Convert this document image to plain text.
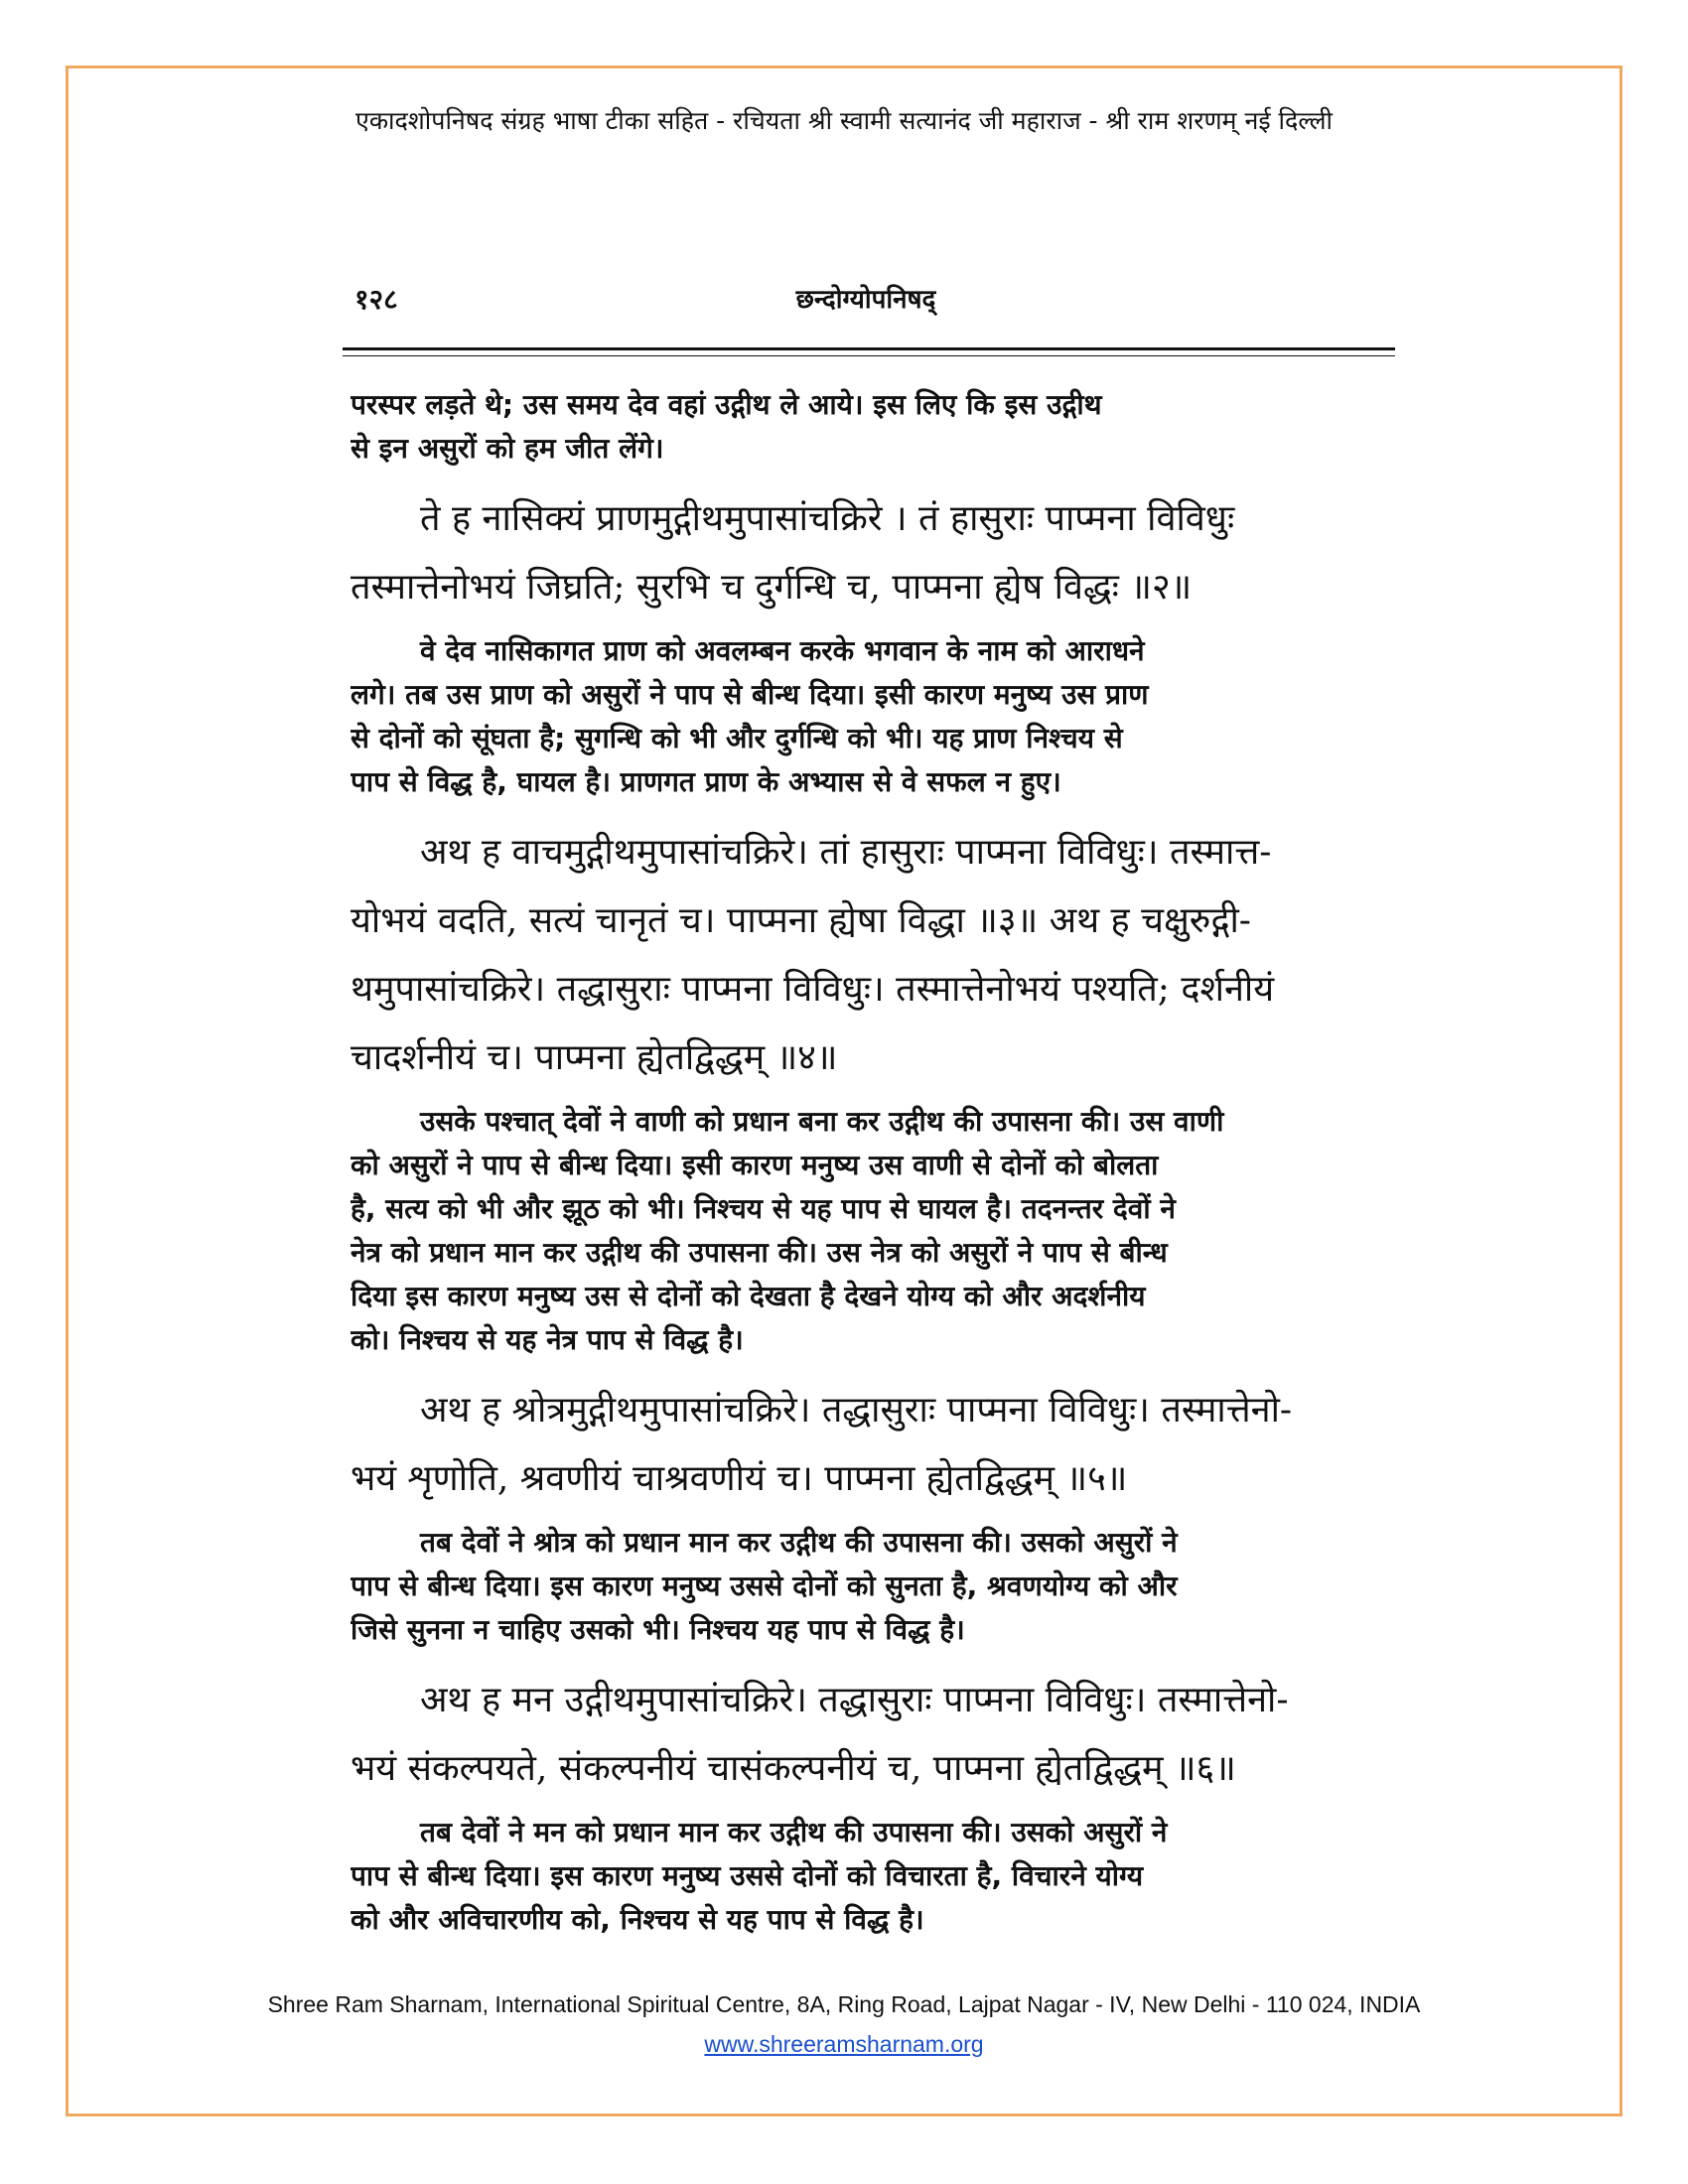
एकादशोपनिषद संग्रह भाषा टीका सहित - रचियता श्री स्वामी सत्यानंद जी महाराज - श्री राम शरणम् नई दिल्ली
१२८	छन्दोग्योपनिषद्
परस्पर लड़ते थे; उस समय देव वहां उद्गीथ ले आये। इस लिए कि इस उद्गीथ
से इन असुरों को हम जीत लेंगे।
ते ह नासिक्यं प्राणमुद्गीथमुपासांचक्रिरे । तं हासुराः पाप्मना विविधुः
तस्मात्तेनोभयं जिघ्रति; सुरभि च दुर्गन्धि च, पाप्मना ह्येष विद्धः ॥२॥
वे देव नासिकागत प्राण को अवलम्बन करके भगवान के नाम को आराधने
लगे। तब उस प्राण को असुरों ने पाप से बीन्ध दिया। इसी कारण मनुष्य उस प्राण
से दोनों को सूंघता है; सुगन्धि को भी और दुर्गन्धि को भी। यह प्राण निश्चय से
पाप से विद्ध है, घायल है। प्राणगत प्राण के अभ्यास से वे सफल न हुए।
अथ ह वाचमुद्गीथमुपासांचक्रिरे। तां हासुराः पाप्मना विविधुः। तस्मात्त-
योभयं वदति, सत्यं चानृतं च। पाप्मना ह्येषा विद्धा ॥३॥ अथ ह चक्षुरुद्गी-
थमुपासांचक्रिरे। तद्धासुराः पाप्मना विविधुः। तस्मात्तेनोभयं पश्यति; दर्शनीयं
चादर्शनीयं च। पाप्मना ह्येतद्विद्धम् ॥४॥
उसके पश्चात् देवों ने वाणी को प्रधान बना कर उद्गीथ की उपासना की। उस वाणी
को असुरों ने पाप से बीन्ध दिया। इसी कारण मनुष्य उस वाणी से दोनों को बोलता
है, सत्य को भी और झूठ को भी। निश्चय से यह पाप से घायल है। तदनन्तर देवों ने
नेत्र को प्रधान मान कर उद्गीथ की उपासना की। उस नेत्र को असुरों ने पाप से बीन्ध
दिया इस कारण मनुष्य उस से दोनों को देखता है देखने योग्य को और अदर्शनीय
को। निश्चय से यह नेत्र पाप से विद्ध है।
अथ ह श्रोत्रमुद्गीथमुपासांचक्रिरे। तद्धासुराः पाप्मना विविधुः। तस्मात्तेनो-
भयं शृणोति, श्रवणीयं चाश्रवणीयं च। पाप्मना ह्येतद्विद्धम् ॥५॥
तब देवों ने श्रोत्र को प्रधान मान कर उद्गीथ की उपासना की। उसको असुरों ने
पाप से बीन्ध दिया। इस कारण मनुष्य उससे दोनों को सुनता है, श्रवणयोग्य को और
जिसे सुनना न चाहिए उसको भी। निश्चय यह पाप से विद्ध है।
अथ ह मन उद्गीथमुपासांचक्रिरे। तद्धासुराः पाप्मना विविधुः। तस्मात्तेनो-
भयं संकल्पयते, संकल्पनीयं चासंकल्पनीयं च, पाप्मना ह्येतद्विद्धम् ॥६॥
तब देवों ने मन को प्रधान मान कर उद्गीथ की उपासना की। उसको असुरों ने
पाप से बीन्ध दिया। इस कारण मनुष्य उससे दोनों को विचारता है, विचारने योग्य
को और अविचारणीय को, निश्चय से यह पाप से विद्ध है।
Shree Ram Sharnam, International Spiritual Centre, 8A, Ring Road, Lajpat Nagar - IV, New Delhi - 110 024, INDIA
www.shreeramsharnam.org
